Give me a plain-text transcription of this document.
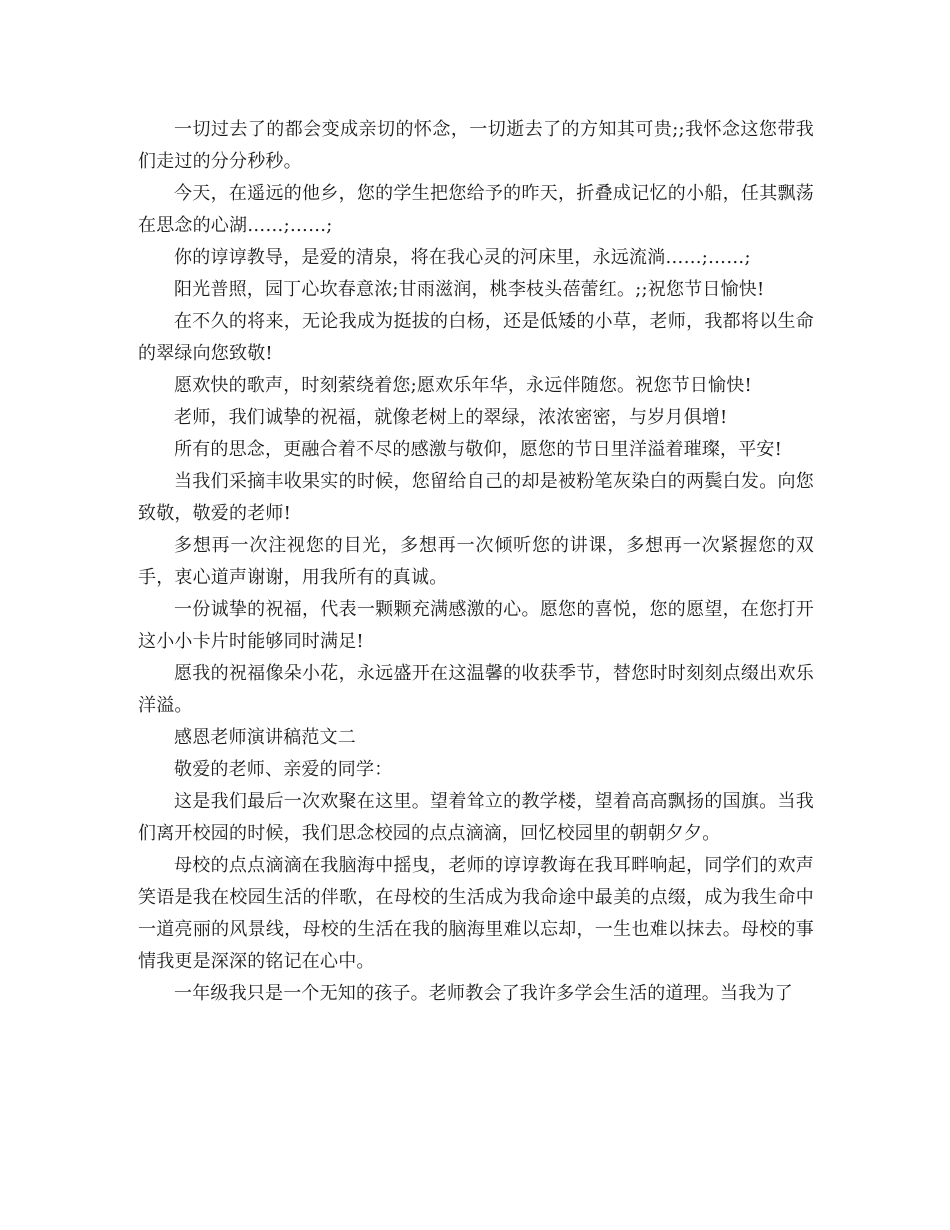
一切过去了的都会变成亲切的怀念，一切逝去了的方知其可贵;;我怀念这您带我们走过的分分秒秒。

今天，在遥远的他乡，您的学生把您给予的昨天，折叠成记忆的小船，任其飘荡在思念的心湖……;……;

你的谆谆教导，是爱的清泉，将在我心灵的河床里，永远流淌……;……;

阳光普照，园丁心坎春意浓;甘雨滋润，桃李枝头蓓蕾红。;;祝您节日愉快!

在不久的将来，无论我成为挺拔的白杨，还是低矮的小草，老师，我都将以生命的翠绿向您致敬!

愿欢快的歌声，时刻萦绕着您;愿欢乐年华，永远伴随您。祝您节日愉快!

老师，我们诚挚的祝福，就像老树上的翠绿，浓浓密密，与岁月俱增!

所有的思念，更融合着不尽的感激与敬仰，愿您的节日里洋溢着璀璨，平安!

当我们采摘丰收果实的时候，您留给自己的却是被粉笔灰染白的两鬓白发。向您致敬，敬爱的老师!

多想再一次注视您的目光，多想再一次倾听您的讲课，多想再一次紧握您的双手，衷心道声谢谢，用我所有的真诚。

一份诚挚的祝福，代表一颗颗充满感激的心。愿您的喜悦，您的愿望，在您打开这小小卡片时能够同时满足!

愿我的祝福像朵小花，永远盛开在这温馨的收获季节，替您时时刻刻点缀出欢乐洋溢。

感恩老师演讲稿范文二

敬爱的老师、亲爱的同学：

这是我们最后一次欢聚在这里。望着耸立的教学楼，望着高高飘扬的国旗。当我们离开校园的时候，我们思念校园的点点滴滴，回忆校园里的朝朝夕夕。

母校的点点滴滴在我脑海中摇曳，老师的谆谆教诲在我耳畔响起，同学们的欢声笑语是我在校园生活的伴歌，在母校的生活成为我命途中最美的点缀，成为我生命中一道亮丽的风景线，母校的生活在我的脑海里难以忘却，一生也难以抹去。母校的事情我更是深深的铭记在心中。

一年级我只是一个无知的孩子。老师教会了我许多学会生活的道理。当我为了
